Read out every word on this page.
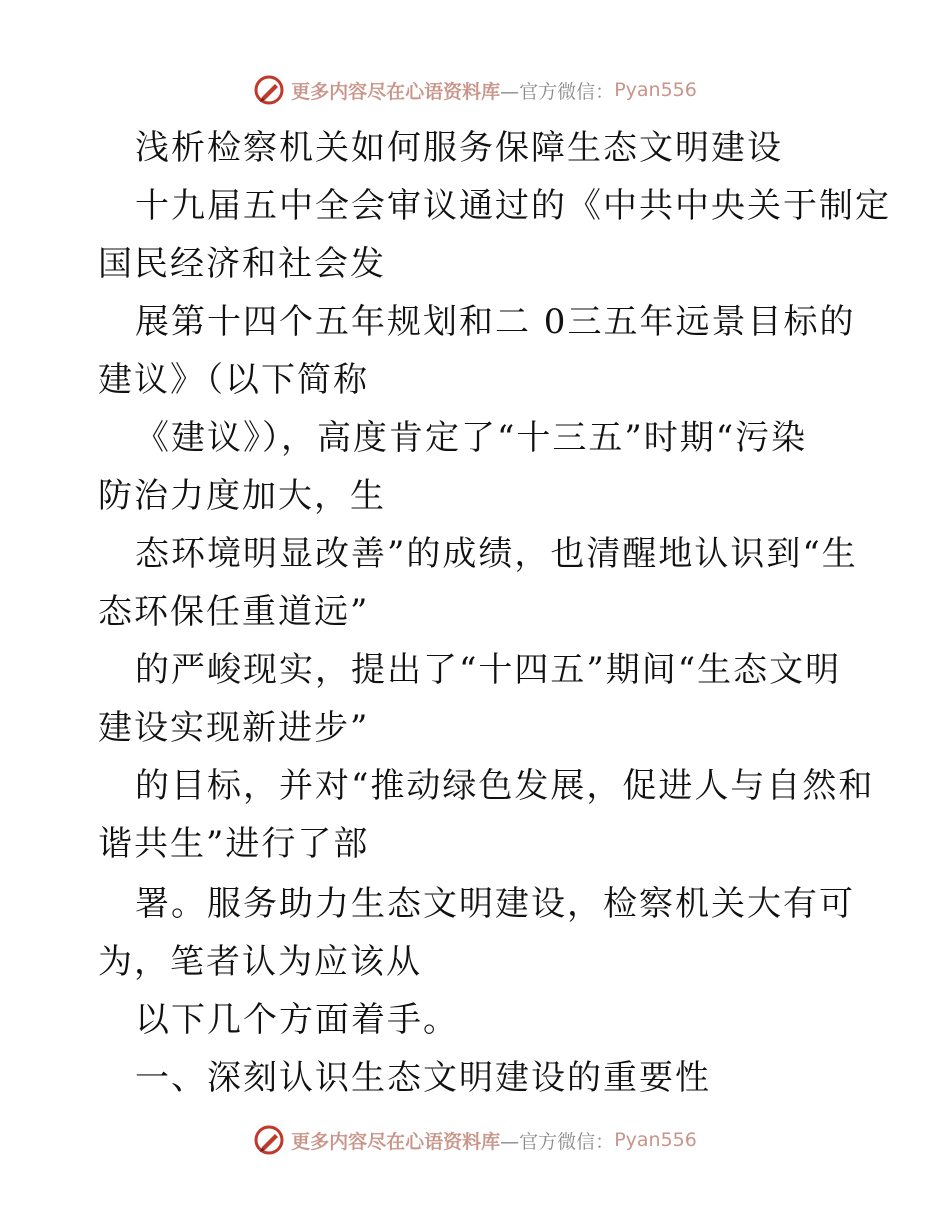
更多内容尽在心语资料库 —官方微信： Pyan556
浅析检察机关如何服务保障生态文明建设
十九届五中全会审议通过的《中共中央关于制定
国民经济和社会发
展第十四个五年规划和二 0三五年远景目标的
建议》（以下简称
《建议》），高度肯定了“十三五”时期“污染
防治力度加大，生
态环境明显改善”的成绩，也清醒地认识到“生
态环保任重道远”
的严峻现实，提出了“十四五”期间“生态文明
建设实现新进步”
的目标，并对“推动绿色发展，促进人与自然和
谐共生”进行了部
署。服务助力生态文明建设，检察机关大有可
为，笔者认为应该从
以下几个方面着手。
一、深刻认识生态文明建设的重要性
更多内容尽在心语资料库 —官方微信： Pyan556
